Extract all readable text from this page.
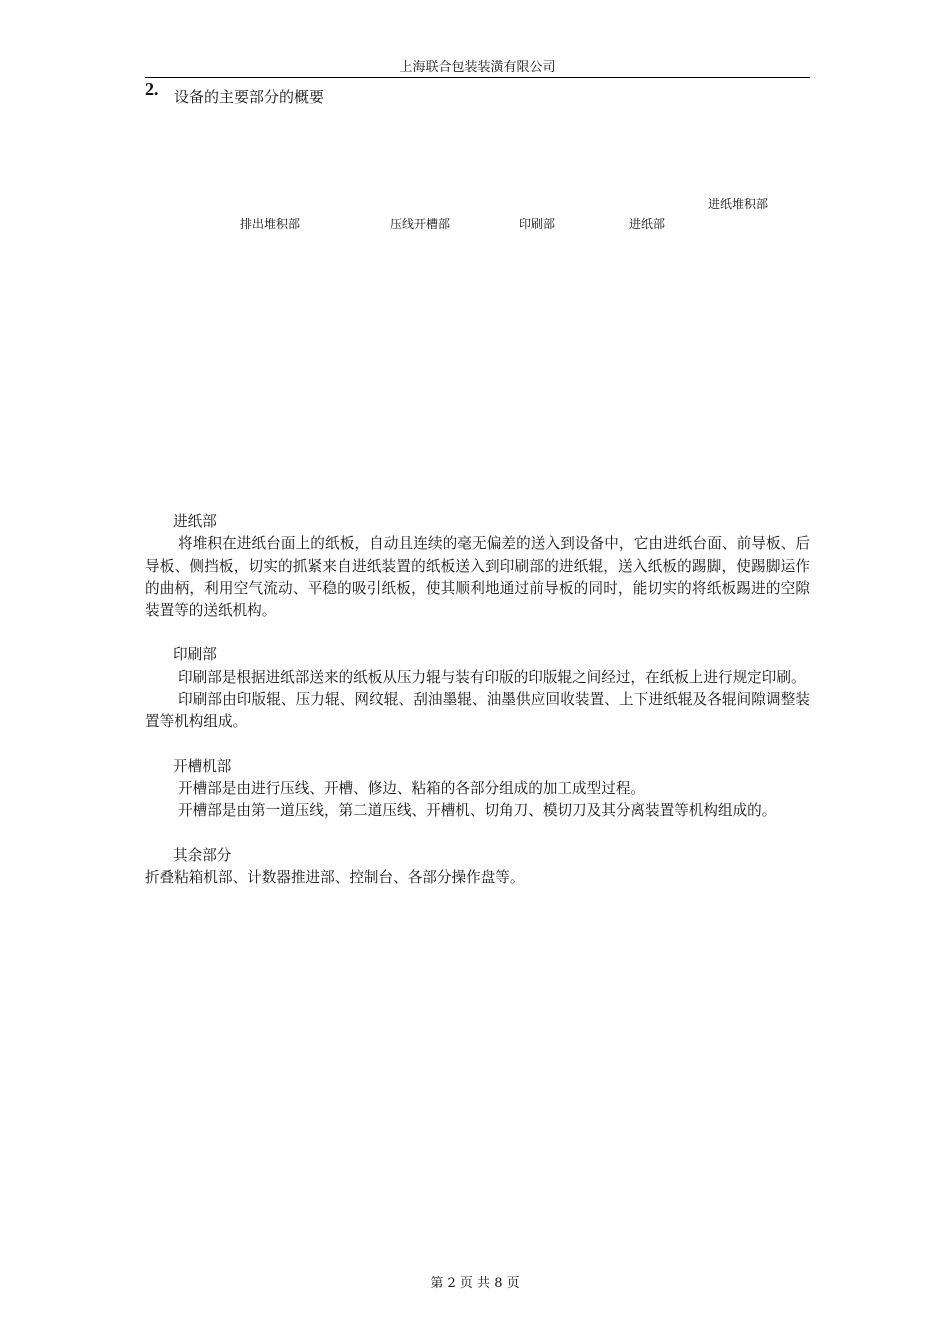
上海联合包装装潢有限公司
2. 设备的主要部分的概要
排出堆积部	压线开槽部	印刷部	进纸部
进纸堆积部

进纸部

将堆积在进纸台面上的纸板，自动且连续的毫无偏差的送入到设备中，它由进纸台面、前导板、后导板、侧挡板，切实的抓紧来自进纸装置的纸板送入到印刷部的进纸辊，送入纸板的踢脚，使踢脚运作的曲柄，利用空气流动、平稳的吸引纸板，使其顺利地通过前导板的同时，能切实的将纸板踢进的空隙装置等的送纸机构。

印刷部

印刷部是根据进纸部送来的纸板从压力辊与装有印版的印版辊之间经过，在纸板上进行规定印刷。

印刷部由印版辊、压力辊、网纹辊、刮油墨辊、油墨供应回收装置、上下进纸辊及各辊间隙调整装置等机构组成。

开槽机部

开槽部是由进行压线、开槽、修边、粘箱的各部分组成的加工成型过程。

开槽部是由第一道压线，第二道压线、开槽机、切角刀、模切刀及其分离装置等机构组成的。

其余部分

折叠粘箱机部、计数器推进部、控制台、各部分操作盘等。

第 2 页 共 8 页
